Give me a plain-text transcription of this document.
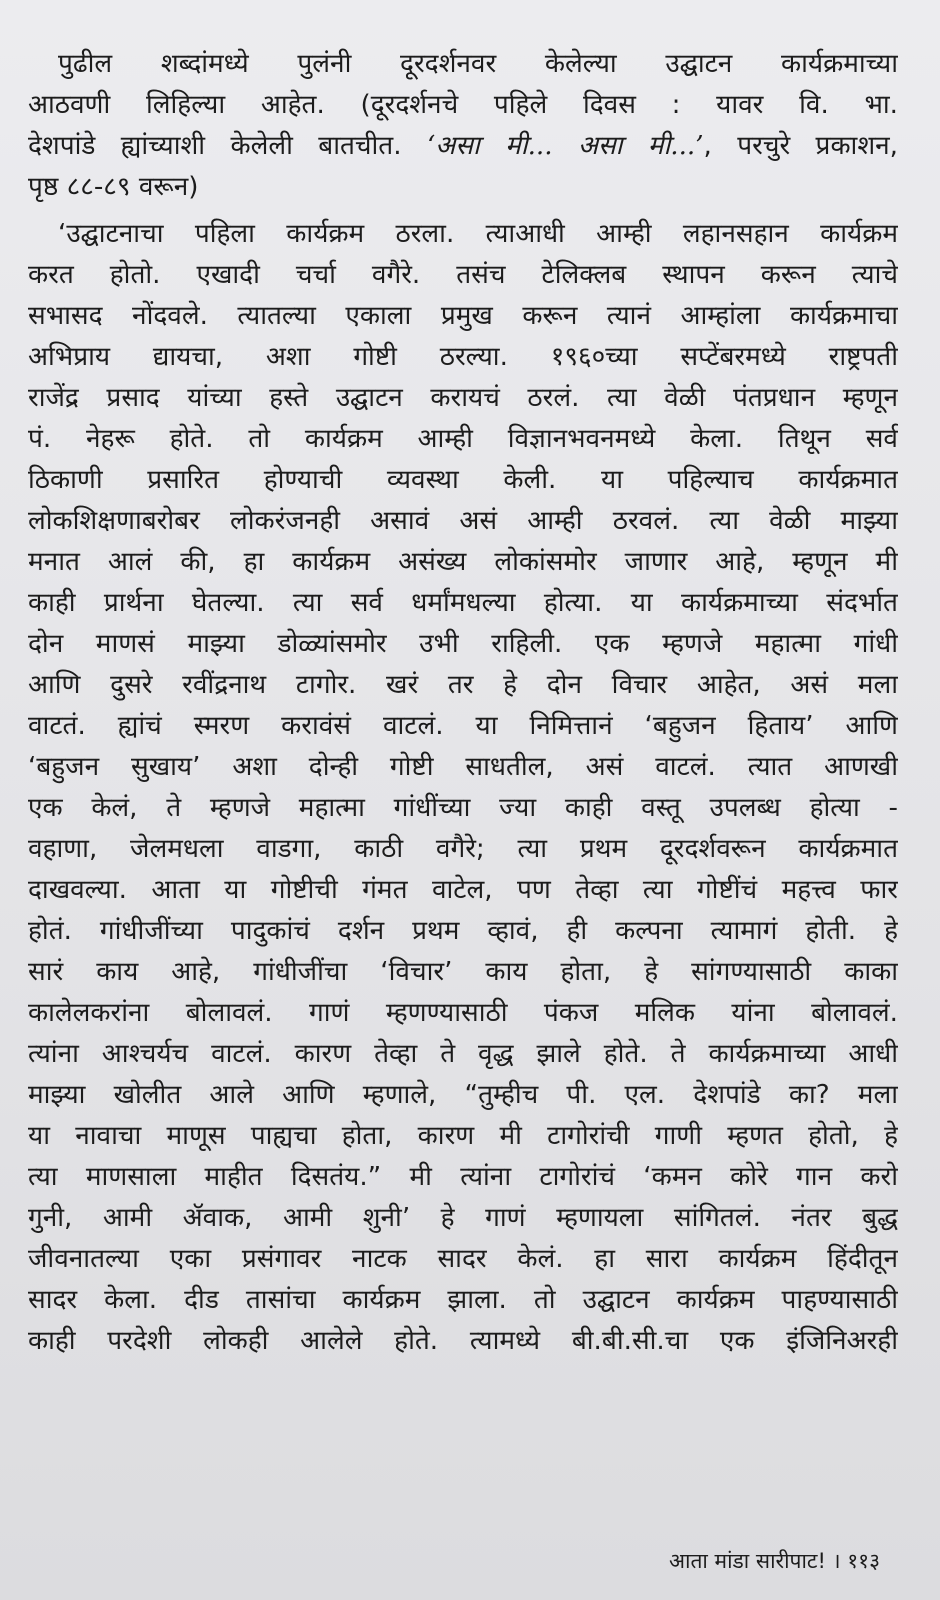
पुढील शब्दांमध्ये पुलंनी दूरदर्शनवर केलेल्या उद्घाटन कार्यक्रमाच्या
आठवणी लिहिल्या आहेत. (दूरदर्शनचे पहिले दिवस : यावर वि. भा.
देशपांडे ह्यांच्याशी केलेली बातचीत. ‘असा मी... असा मी...’, परचुरे प्रकाशन,
पृष्ठ ८८-८९ वरून)

‘उद्घाटनाचा पहिला कार्यक्रम ठरला. त्याआधी आम्ही लहानसहान कार्यक्रम
करत होतो. एखादी चर्चा वगैरे. तसंच टेलिक्लब स्थापन करून त्याचे
सभासद नोंदवले. त्यातल्या एकाला प्रमुख करून त्यानं आम्हांला कार्यक्रमाचा
अभिप्राय द्यायचा, अशा गोष्टी ठरल्या. १९६०च्या सप्टेंबरमध्ये राष्ट्रपती
राजेंद्र प्रसाद यांच्या हस्ते उद्घाटन करायचं ठरलं. त्या वेळी पंतप्रधान म्हणून
पं. नेहरू होते. तो कार्यक्रम आम्ही विज्ञानभवनमध्ये केला. तिथून सर्व
ठिकाणी प्रसारित होण्याची व्यवस्था केली. या पहिल्याच कार्यक्रमात
लोकशिक्षणाबरोबर लोकरंजनही असावं असं आम्ही ठरवलं. त्या वेळी माझ्या
मनात आलं की, हा कार्यक्रम असंख्य लोकांसमोर जाणार आहे, म्हणून मी
काही प्रार्थना घेतल्या. त्या सर्व धर्मांमधल्या होत्या. या कार्यक्रमाच्या संदर्भात
दोन माणसं माझ्या डोळ्यांसमोर उभी राहिली. एक म्हणजे महात्मा गांधी
आणि दुसरे रवींद्रनाथ टागोर. खरं तर हे दोन विचार आहेत, असं मला
वाटतं. ह्यांचं स्मरण करावंसं वाटलं. या निमित्तानं ‘बहुजन हिताय’ आणि
‘बहुजन सुखाय’ अशा दोन्ही गोष्टी साधतील, असं वाटलं. त्यात आणखी
एक केलं, ते म्हणजे महात्मा गांधींच्या ज्या काही वस्तू उपलब्ध होत्या -
वहाणा, जेलमधला वाडगा, काठी वगैरे; त्या प्रथम दूरदर्शवरून कार्यक्रमात
दाखवल्या. आता या गोष्टीची गंमत वाटेल, पण तेव्हा त्या गोष्टींचं महत्त्व फार
होतं. गांधीजींच्या पादुकांचं दर्शन प्रथम व्हावं, ही कल्पना त्यामागं होती. हे
सारं काय आहे, गांधीजींचा ‘विचार’ काय होता, हे सांगण्यासाठी काका
कालेलकरांना बोलावलं. गाणं म्हणण्यासाठी पंकज मलिक यांना बोलावलं.
त्यांना आश्चर्यच वाटलं. कारण तेव्हा ते वृद्ध झाले होते. ते कार्यक्रमाच्या आधी
माझ्या खोलीत आले आणि म्हणाले, “तुम्हीच पी. एल. देशपांडे का? मला
या नावाचा माणूस पाह्यचा होता, कारण मी टागोरांची गाणी म्हणत होतो, हे
त्या माणसाला माहीत दिसतंय.” मी त्यांना टागोरांचं ‘कमन कोरे गान करो
गुनी, आमी ॲवाक, आमी शुनी’ हे गाणं म्हणायला सांगितलं. नंतर बुद्ध
जीवनातल्या एका प्रसंगावर नाटक सादर केलं. हा सारा कार्यक्रम हिंदीतून
सादर केला. दीड तासांचा कार्यक्रम झाला. तो उद्घाटन कार्यक्रम पाहण्यासाठी
काही परदेशी लोकही आलेले होते. त्यामध्ये बी.बी.सी.चा एक इंजिनिअरही

आता मांडा सारीपाट! । ११३
